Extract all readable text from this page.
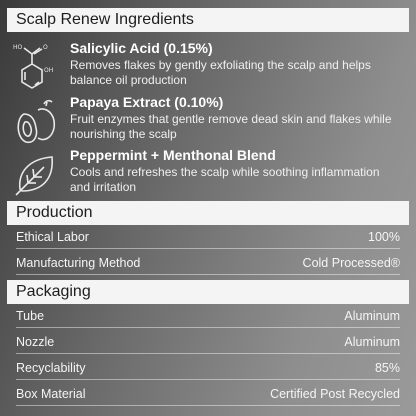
Scalp Renew Ingredients
HO	O
OH
Salicylic Acid (0.15%)
Removes flakes by gently exfoliating the scalp and helps balance oil production
Papaya Extract (0.10%)
Fruit enzymes that gentle remove dead skin and flakes while nourishing the scalp
Peppermint + Menthonal Blend
Cools and refreshes the scalp while soothing inflammation and irritation
Production
Ethical Labor	100%
Manufacturing Method	Cold Processed®
Packaging
Tube	Aluminum
Nozzle	Aluminum
Recyclability	85%
Box Material	Certified Post Recycled
